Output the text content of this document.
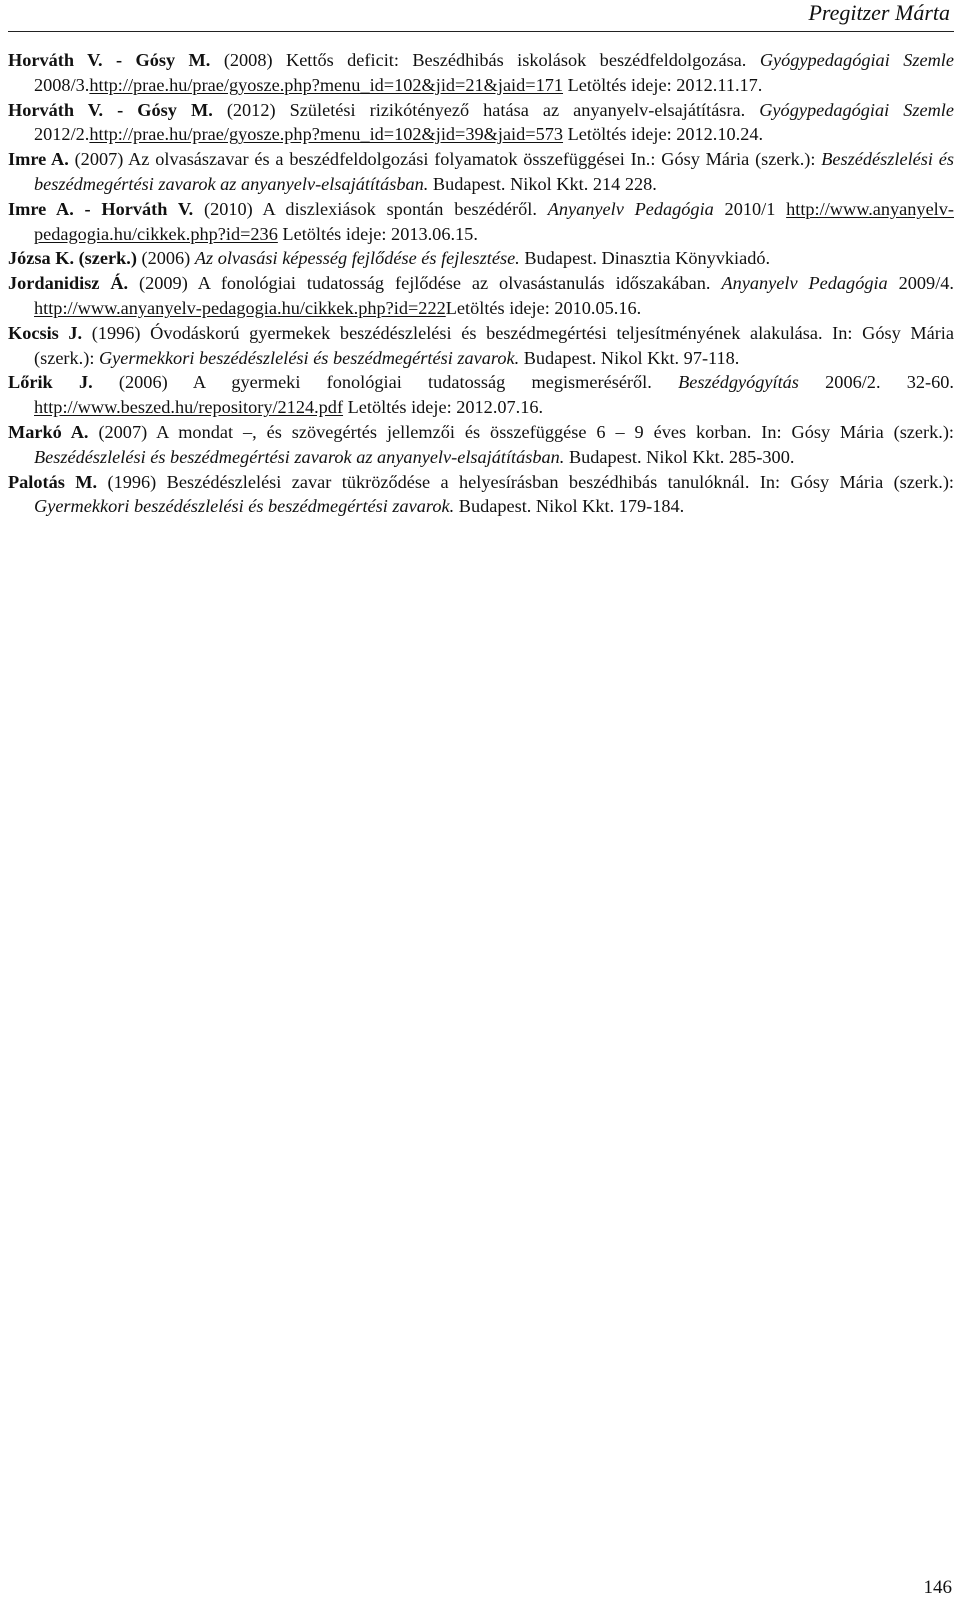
Pregitzer Márta
Horváth V. - Gósy M. (2008) Kettős deficit: Beszédhibás iskolások beszédfeldolgozása. Gyógypedagógiai Szemle 2008/3.http://prae.hu/prae/gyosze.php?menu_id=102&jid=21&jaid=171 Letöltés ideje: 2012.11.17.
Horváth V. - Gósy M. (2012) Születési rizikótényező hatása az anyanyelv-elsajátításra. Gyógypedagógiai Szemle 2012/2.http://prae.hu/prae/gyosze.php?menu_id=102&jid=39&jaid=573 Letöltés ideje: 2012.10.24.
Imre A. (2007) Az olvasászavar és a beszédfeldolgozási folyamatok összefüggései In.: Gósy Mária (szerk.): Beszédészlelési és beszédmegértési zavarok az anyanyelv-elsajátításban. Budapest. Nikol Kkt. 214 228.
Imre A. - Horváth V. (2010) A diszlexiások spontán beszédéről. Anyanyelv Pedagógia 2010/1 http://www.anyanyelv-pedagogia.hu/cikkek.php?id=236 Letöltés ideje: 2013.06.15.
Józsa K. (szerk.) (2006) Az olvasási képesség fejlődése és fejlesztése. Budapest. Dinasztia Könyvkiadó.
Jordanidisz Á. (2009) A fonológiai tudatosság fejlődése az olvasástanulás időszakában. Anyanyelv Pedagógia 2009/4. http://www.anyanyelv-pedagogia.hu/cikkek.php?id=222Letöltés ideje: 2010.05.16.
Kocsis J. (1996) Óvodáskorú gyermekek beszédészlelési és beszédmegértési teljesítményének alakulása. In: Gósy Mária (szerk.): Gyermekkori beszédészlelési és beszédmegértési zavarok. Budapest. Nikol Kkt. 97-118.
Lőrik J. (2006) A gyermeki fonológiai tudatosság megismeréséről. Beszédgyógyítás 2006/2. 32-60. http://www.beszed.hu/repository/2124.pdf Letöltés ideje: 2012.07.16.
Markó A. (2007) A mondat –, és szövegértés jellemzői és összefüggése 6 – 9 éves korban. In: Gósy Mária (szerk.): Beszédészlelési és beszédmegértési zavarok az anyanyelv-elsajátításban. Budapest. Nikol Kkt. 285-300.
Palotás M. (1996) Beszédészlelési zavar tükröződése a helyesírásban beszédhibás tanulóknál. In: Gósy Mária (szerk.): Gyermekkori beszédészlelési és beszédmegértési zavarok. Budapest. Nikol Kkt. 179-184.
146
